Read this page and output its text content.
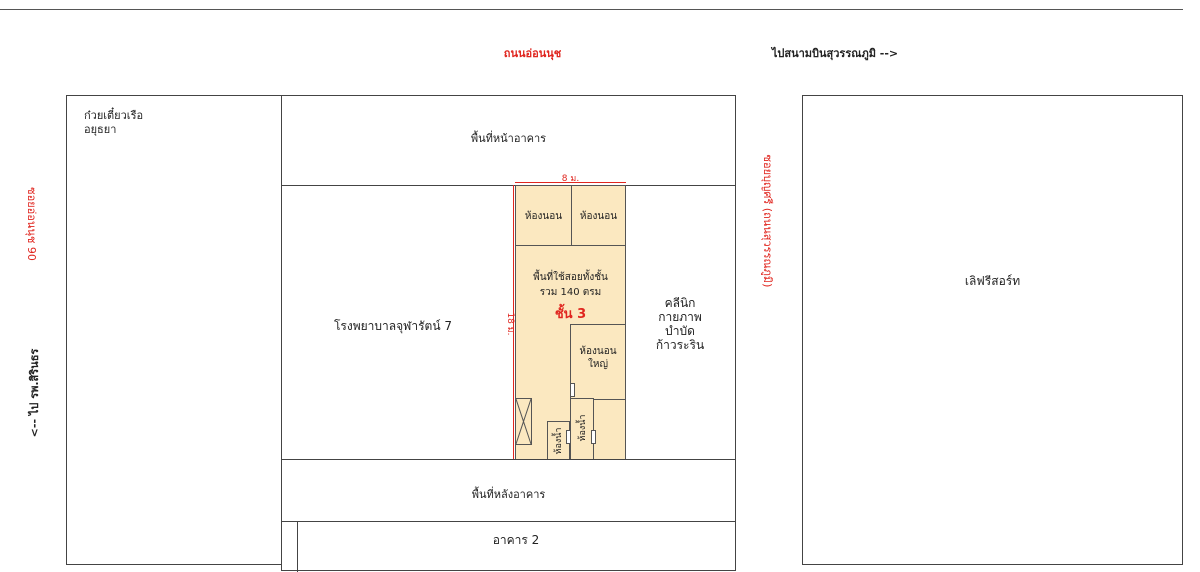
ถนนอ่อนนุช	ไปสนามบินสุวรรณภูมิ -->
ซอยอ่อนนุช 90
<-- ไป รพ.สิรินธร
ซอยบุญศรี (ถนนสุวรรณภูมิ)
ก๋วยเตี๋ยวเรือ
อยุธยา
พื้นที่หน้าอาคาร
โรงพยาบาลจุฬารัตน์ 7
คลีนิก
กายภาพ
บำบัด
ก้าวระริน
ห้องนอน	ห้องนอน
พื้นที่ใช้สอยทั้งชั้น
รวม 140 ตรม
ชั้น 3
ห้องนอน
ใหญ่
ห้องน้ำ	ห้องน้ำ
8 ม.
18 ม.
พื้นที่หลังอาคาร
อาคาร 2
เลิฟรีสอร์ท
